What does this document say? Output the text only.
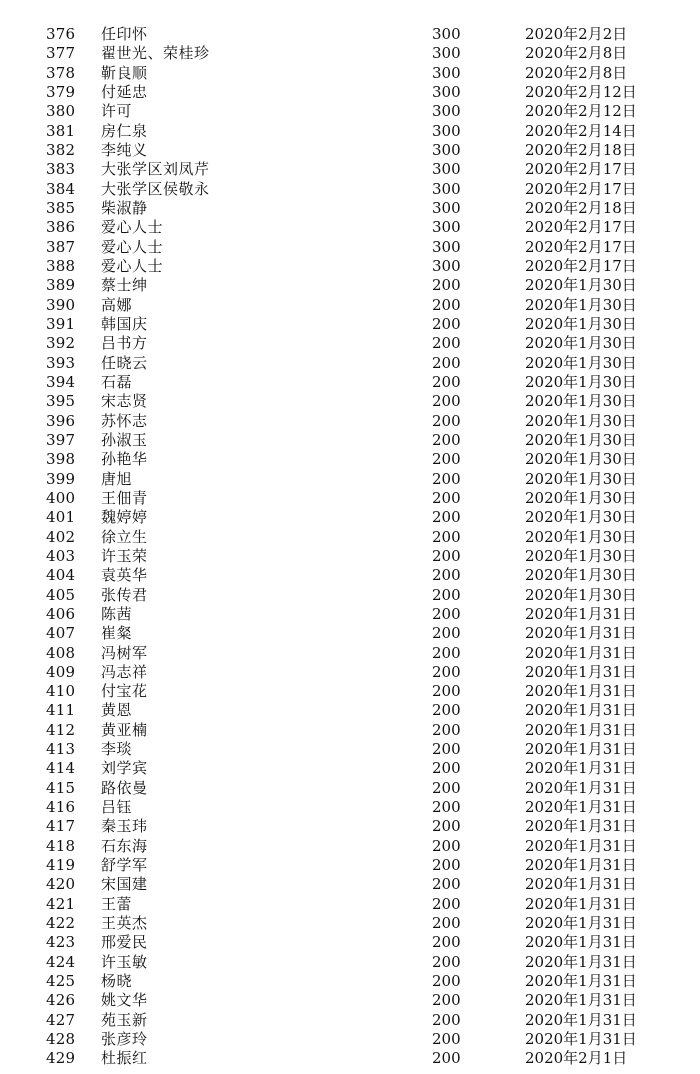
376 任印怀	300	2020年2月2日
377 翟世光、荣桂珍	300	2020年2月8日
378 靳良顺	300	2020年2月8日
379 付延忠	300	2020年2月12日
380 许可	300	2020年2月12日
381 房仁泉	300	2020年2月14日
382 李纯义	300	2020年2月18日
383 大张学区刘凤芹	300	2020年2月17日
384 大张学区侯敬永	300	2020年2月17日
385 柴淑静	300	2020年2月18日
386 爱心人士	300	2020年2月17日
387 爱心人士	300	2020年2月17日
388 爱心人士	300	2020年2月17日
389 蔡士绅	200	2020年1月30日
390 高娜	200	2020年1月30日
391 韩国庆	200	2020年1月30日
392 吕书方	200	2020年1月30日
393 任晓云	200	2020年1月30日
394 石磊	200	2020年1月30日
395 宋志贤	200	2020年1月30日
396 苏怀志	200	2020年1月30日
397 孙淑玉	200	2020年1月30日
398 孙艳华	200	2020年1月30日
399 唐旭	200	2020年1月30日
400 王佃青	200	2020年1月30日
401 魏婷婷	200	2020年1月30日
402 徐立生	200	2020年1月30日
403 许玉荣	200	2020年1月30日
404 袁英华	200	2020年1月30日
405 张传君	200	2020年1月30日
406 陈茜	200	2020年1月31日
407 崔粲	200	2020年1月31日
408 冯树军	200	2020年1月31日
409 冯志祥	200	2020年1月31日
410 付宝花	200	2020年1月31日
411 黄恩	200	2020年1月31日
412 黄亚楠	200	2020年1月31日
413 李琰	200	2020年1月31日
414 刘学宾	200	2020年1月31日
415 路依曼	200	2020年1月31日
416 吕钰	200	2020年1月31日
417 秦玉玮	200	2020年1月31日
418 石东海	200	2020年1月31日
419 舒学军	200	2020年1月31日
420 宋国建	200	2020年1月31日
421 王蕾	200	2020年1月31日
422 王英杰	200	2020年1月31日
423 邢爱民	200	2020年1月31日
424 许玉敏	200	2020年1月31日
425 杨晓	200	2020年1月31日
426 姚文华	200	2020年1月31日
427 苑玉新	200	2020年1月31日
428 张彦玲	200	2020年1月31日
429 杜振红	200	2020年2月1日
